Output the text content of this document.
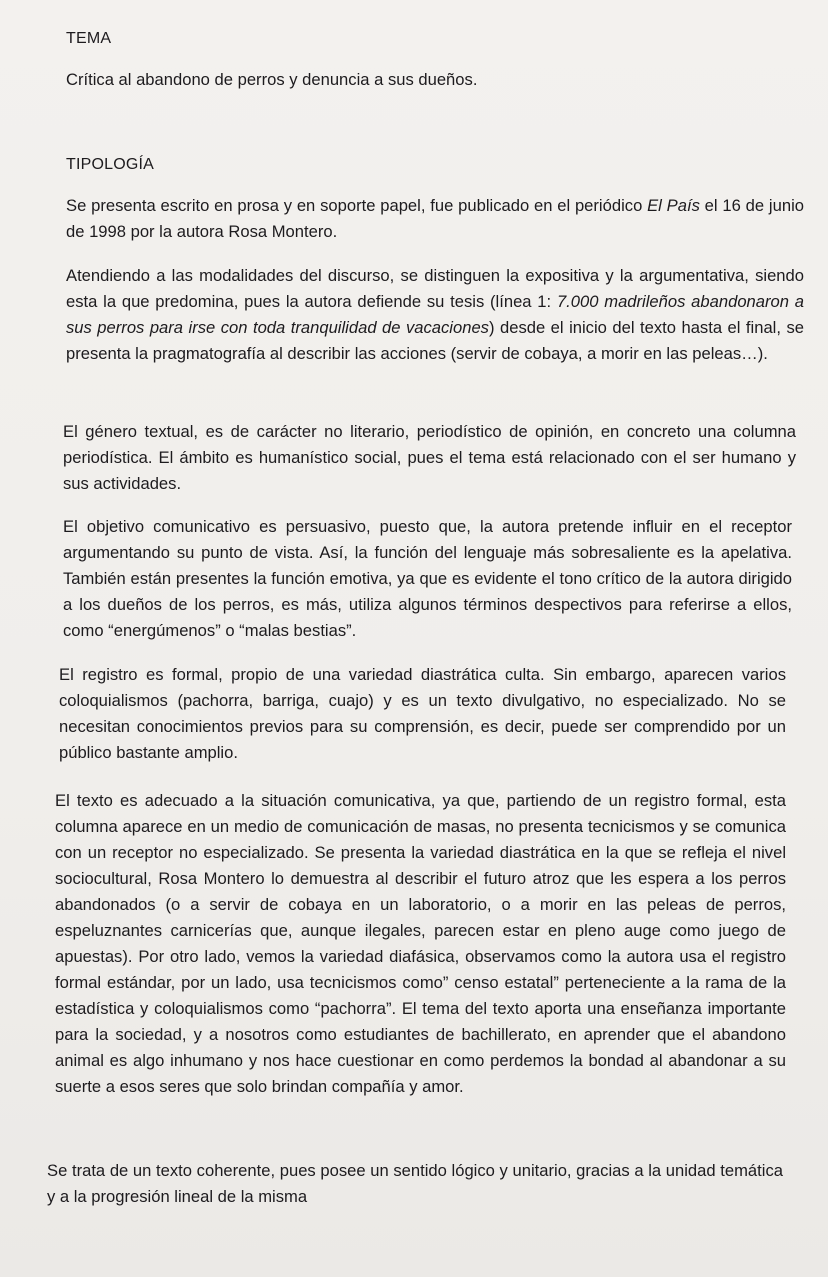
TEMA
Crítica al abandono de perros y denuncia a sus dueños.
TIPOLOGÍA

Se presenta escrito en prosa y en soporte papel, fue publicado en el periódico El País el 16 de junio de 1998 por la autora Rosa Montero.

Atendiendo a las modalidades del discurso, se distinguen la expositiva y la argumentativa, siendo esta la que predomina, pues la autora defiende su tesis (línea 1: 7.000 madrileños abandonaron a sus perros para irse con toda tranquilidad de vacaciones) desde el inicio del texto hasta el final, se presenta la pragmatografía al describir las acciones (servir de cobaya, a morir en las peleas…).

El género textual, es de carácter no literario, periodístico de opinión, en concreto una columna periodística. El ámbito es humanístico social, pues el tema está relacionado con el ser humano y sus actividades.

El objetivo comunicativo es persuasivo, puesto que, la autora pretende influir en el receptor argumentando su punto de vista. Así, la función del lenguaje más sobresaliente es la apelativa. También están presentes la función emotiva, ya que es evidente el tono crítico de la autora dirigido a los dueños de los perros, es más, utiliza algunos términos despectivos para referirse a ellos, como “energúmenos” o “malas bestias”.

El registro es formal, propio de una variedad diastrática culta. Sin embargo, aparecen varios coloquialismos (pachorra, barriga, cuajo) y es un texto divulgativo, no especializado. No se necesitan conocimientos previos para su comprensión, es decir, puede ser comprendido por un público bastante amplio.

El texto es adecuado a la situación comunicativa, ya que, partiendo de un registro formal, esta columna aparece en un medio de comunicación de masas, no presenta tecnicismos y se comunica con un receptor no especializado. Se presenta la variedad diastrática en la que se refleja el nivel sociocultural, Rosa Montero lo demuestra al describir el futuro atroz que les espera a los perros abandonados (o a servir de cobaya en un laboratorio, o a morir en las peleas de perros, espeluznantes carnicerías que, aunque ilegales, parecen estar en pleno auge como juego de apuestas). Por otro lado, vemos la variedad diafásica, observamos como la autora usa el registro formal estándar, por un lado, usa tecnicismos como” censo estatal” perteneciente a la rama de la estadística y coloquialismos como “pachorra”. El tema del texto aporta una enseñanza importante para la sociedad, y a nosotros como estudiantes de bachillerato, en aprender que el abandono animal es algo inhumano y nos hace cuestionar en como perdemos la bondad al abandonar a su suerte a esos seres que solo brindan compañía y amor.

Se trata de un texto coherente, pues posee un sentido lógico y unitario, gracias a la unidad temática y a la progresión lineal de la misma
